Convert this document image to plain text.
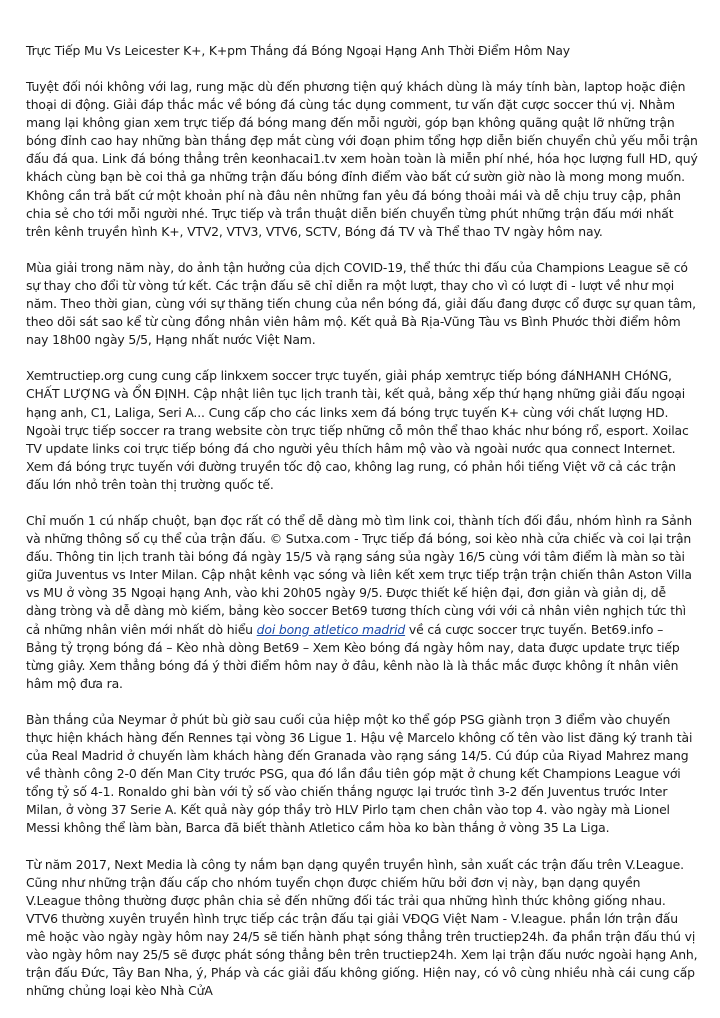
Trực Tiếp Mu Vs Leicester K+, K+pm Thắng đá Bóng Ngoại Hạng Anh Thời Điểm Hôm Nay

Tuyệt đối nói không với lag, rung mặc dù đến phương tiện quý khách dùng là máy tính bàn, laptop hoặc điện thoại di động. Giải đáp thắc mắc về bóng đá cùng tác dụng comment, tư vấn đặt cược soccer thú vị. Nhằm mang lại không gian xem trực tiếp đá bóng mang đến mỗi người, góp bạn không quãng quật lỡ những trận bóng đỉnh cao hay những bàn thắng đẹp mắt cùng với đoạn phim tổng hợp diễn biến chuyển chủ yếu mỗi trận đấu đá qua. Link đá bóng thẳng trên keonhacai1.tv xem hoàn toàn là miễn phí nhé, hóa học lượng full HD, quý khách cùng bạn bè coi thả ga những trận đấu bóng đỉnh điểm vào bất cứ sườn giờ nào là mong mong muốn. Không cần trả bất cứ một khoản phí nà đâu nên những fan yêu đá bóng thoải mái và dễ chịu truy cập, phân chia sẻ cho tới mỗi người nhé. Trực tiếp và trần thuật diễn biến chuyển từng phút những trận đấu mới nhất trên kênh truyền hình K+, VTV2, VTV3, VTV6, SCTV, Bóng đá TV và Thể thao TV ngày hôm nay.

Mùa giải trong năm này, do ảnh tận hưởng của dịch COVID-19, thể thức thi đấu của Champions League sẽ có sự thay cho đổi từ vòng tứ kết. Các trận đấu sẽ chỉ diễn ra một lượt, thay cho vì có lượt đi - lượt về như mọi năm. Theo thời gian, cùng với sự thăng tiến chung của nền bóng đá, giải đấu đang được cổ được sự quan tâm, theo dõi sát sao kể từ cùng đồng nhân viên hâm mộ. Kết quả Bà Rịa-Vũng Tàu vs Bình Phước thời điểm hôm nay 18h00 ngày 5/5, Hạng nhất nước Việt Nam.

Xemtructiep.org cung cung cấp linkxem soccer trực tuyến, giải pháp xemtrực tiếp bóng đáNHANH CHóNG, CHẤT LƯỢNG và ỔN ĐỊNH. Cập nhật liên tục lịch tranh tài, kết quả, bảng xếp thứ hạng những giải đấu ngoại hạng anh, C1, Laliga, Seri A... Cung cấp cho các links xem đá bóng trực tuyến K+ cùng với chất lượng HD. Ngoài trực tiếp soccer ra trang website còn trực tiếp những cỗ môn thể thao khác như bóng rổ, esport. Xoilac TV update links coi trực tiếp bóng đá cho người yêu thích hâm mộ vào và ngoài nước qua connect Internet. Xem đá bóng trực tuyến với đường truyền tốc độ cao, không lag rung, có phản hồi tiếng Việt vỡ cả các trận đấu lớn nhỏ trên toàn thị trường quốc tế.

Chỉ muốn 1 cú nhấp chuột, bạn đọc rất có thể dễ dàng mò tìm link coi, thành tích đối đầu, nhóm hình ra Sảnh và những thông số cụ thể của trận đấu. © Sutxa.com - Trực tiếp đá bóng, soi kèo nhà cửa chiếc và coi lại trận đấu. Thông tin lịch tranh tài bóng đá ngày 15/5 và rạng sáng sủa ngày 16/5 cùng với tâm điểm là màn so tài giữa Juventus vs Inter Milan. Cập nhật kênh vạc sóng và liên kết xem trực tiếp trận trận chiến thân Aston Villa vs MU ở vòng 35 Ngoại hạng Anh, vào khi 20h05 ngày 9/5. Được thiết kế hiện đại, đơn giản và giản dị, dễ dàng tròng và dễ dàng mò kiếm, bảng kèo soccer Bet69 tương thích cùng với với cả nhân viên nghịch tức thì cả những nhân viên mới nhất dò hiểu doi bong atletico madrid về cá cược soccer trực tuyến. Bet69.info – Bảng tỷ trọng bóng đá – Kèo nhà dòng Bet69 – Xem Kèo bóng đá ngày hôm nay, data được update trực tiếp từng giây. Xem thẳng bóng đá ý thời điểm hôm nay ở đâu, kênh nào là là thắc mắc được không ít nhân viên hâm mộ đưa ra.

Bàn thắng của Neymar ở phút bù giờ sau cuối của hiệp một ko thể góp PSG giành trọn 3 điểm vào chuyến thực hiện khách hàng đến Rennes tại vòng 36 Ligue 1. Hậu vệ Marcelo không cố tên vào list đăng ký tranh tài của Real Madrid ở chuyến làm khách hàng đến Granada vào rạng sáng 14/5. Cú đúp của Riyad Mahrez mang về thành công 2-0 đến Man City trước PSG, qua đó lần đầu tiên góp mặt ở chung kết Champions League với tổng tỷ số 4-1. Ronaldo ghi bàn với tỷ số vào chiến thắng ngược lại trước tình 3-2 đến Juventus trước Inter Milan, ở vòng 37 Serie A. Kết quả này góp thầy trò HLV Pirlo tạm chen chân vào top 4. vào ngày mà Lionel Messi không thể làm bàn, Barca đã biết thành Atletico cầm hòa ko bàn thắng ở vòng 35 La Liga.

Từ năm 2017, Next Media là công ty nắm bạn dạng quyền truyền hình, sản xuất các trận đấu trên V.League. Cũng như những trận đấu cấp cho nhóm tuyển chọn được chiếm hữu bởi đơn vị này, bạn dạng quyền V.League thông thường được phân chia sẻ đến những đối tác trải qua những hình thức không giống nhau. VTV6 thường xuyên truyền hình trực tiếp các trận đấu tại giải VĐQG Việt Nam - V.league. phần lớn trận đấu mê hoặc vào ngày ngày hôm nay 24/5 sẽ tiến hành phạt sóng thẳng trên tructiep24h. đa phần trận đấu thú vị vào ngày hôm nay 25/5 sẽ được phát sóng thẳng bên trên tructiep24h. Xem lại trận đấu nước ngoài hạng Anh, trận đấu Đức, Tây Ban Nha, ý, Pháp và các giải đấu không giống. Hiện nay, có vô cùng nhiều nhà cái cung cấp những chủng loại kèo Nhà CửA
